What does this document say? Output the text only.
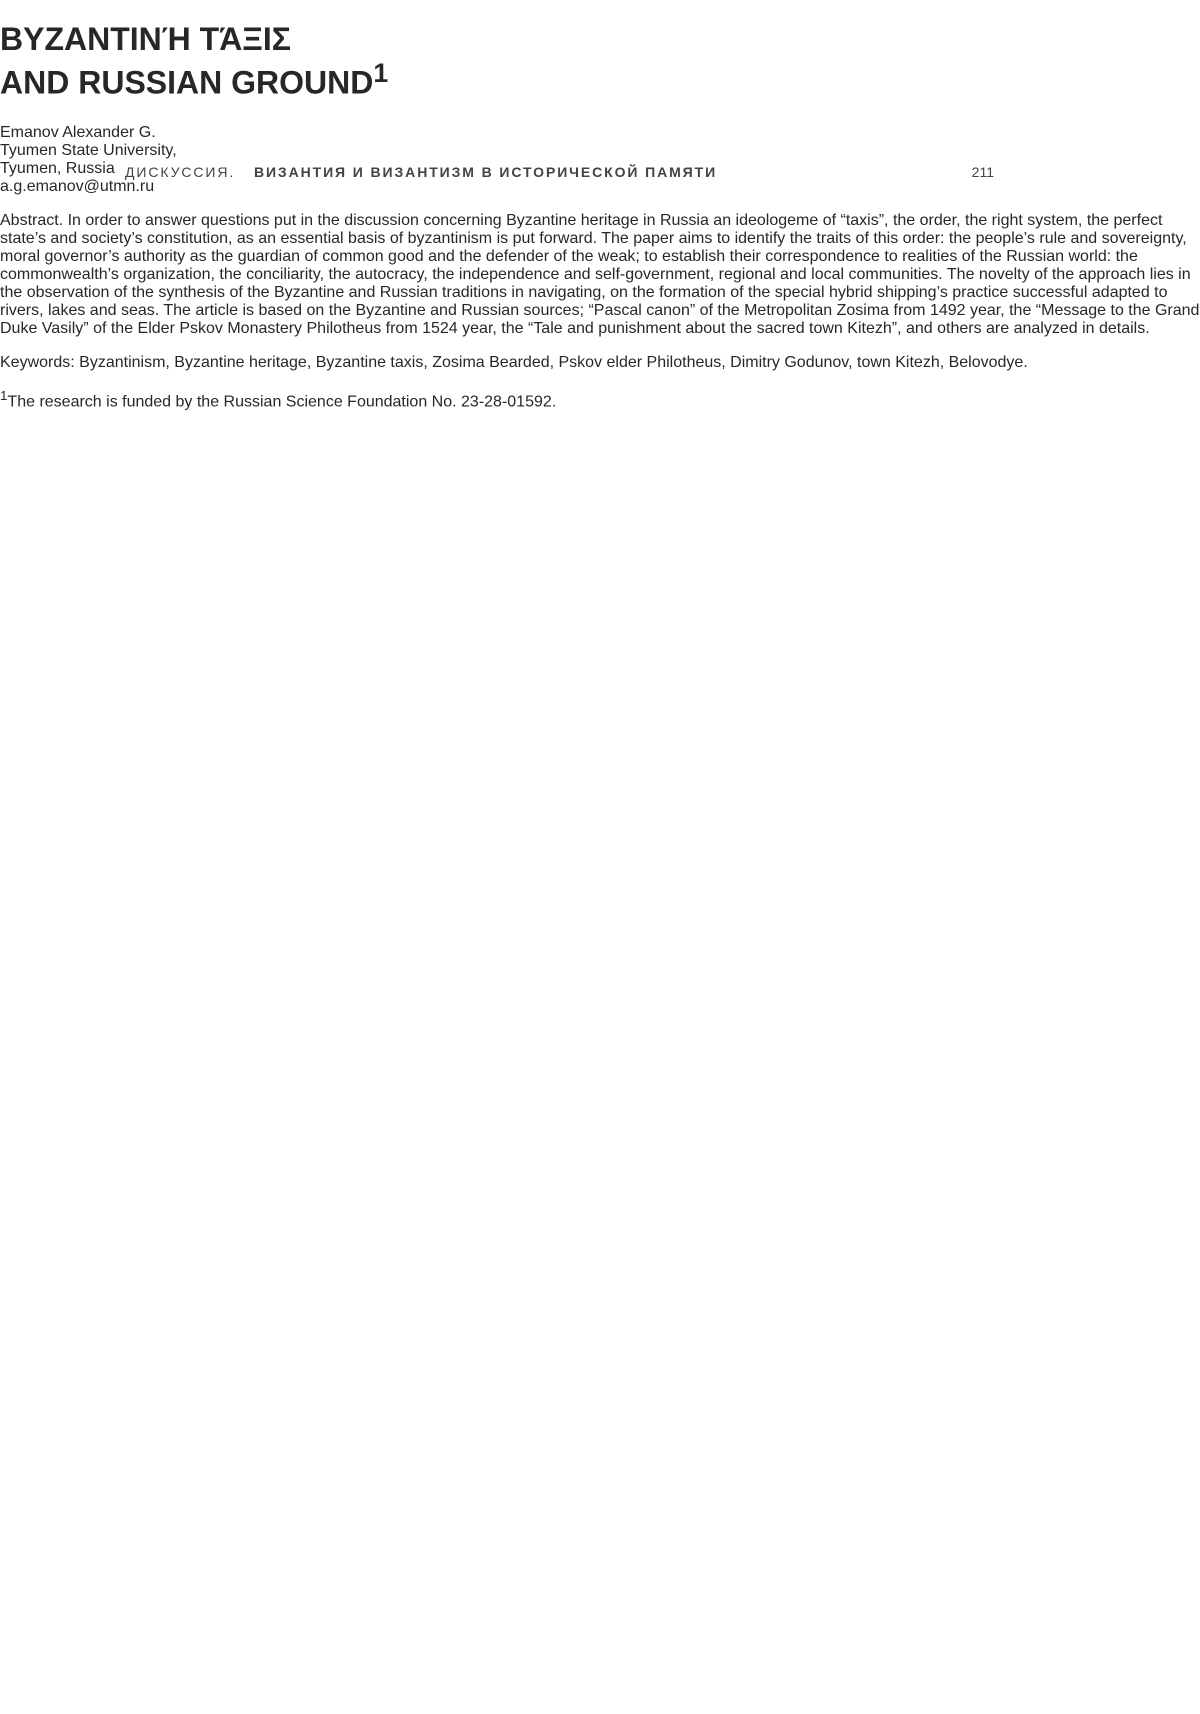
ДИСКУССИЯ. ВИЗАНТИЯ И ВИЗАНТИЗМ В ИСТОРИЧЕСКОЙ ПАМЯТИ	211
ΒΥΖΑΝΤΙΝΉ ΤΆΞΙΣ
AND RUSSIAN GROUND$^1$
Emanov Alexander G.
Tyumen State University,
Tyumen, Russia
a.g.emanov@utmn.ru

Abstract. In order to answer questions put in the discussion concerning Byzantine heritage in Russia an ideologeme of “taxis”, the order, the right system, the perfect state’s and society’s constitution, as an essential basis of byzantinism is put forward. The paper aims to identify the traits of this order: the people’s rule and sovereignty, moral governor’s authority as the guardian of common good and the defender of the weak; to establish their correspondence to realities of the Russian world: the commonwealth’s organization, the conciliarity, the autocracy, the independence and self-government, regional and local communities. The novelty of the approach lies in the observation of the synthesis of the Byzantine and Russian traditions in navigating, on the formation of the special hybrid shipping’s practice successful adapted to rivers, lakes and seas. The article is based on the Byzantine and Russian sources; “Pascal canon” of the Metropolitan Zosima from 1492 year, the “Message to the Grand Duke Vasily” of the Elder Pskov Monastery Philotheus from 1524 year, the “Tale and punishment about the sacred town Kitezh”, and others are analyzed in details.

Keywords: Byzantinism, Byzantine heritage, Byzantine taxis, Zosima Bearded, Pskov elder Philotheus, Dimitry Godunov, town Kitezh, Belovodye.

$^1$The research is funded by the Russian Science Foundation No. 23-28-01592.
